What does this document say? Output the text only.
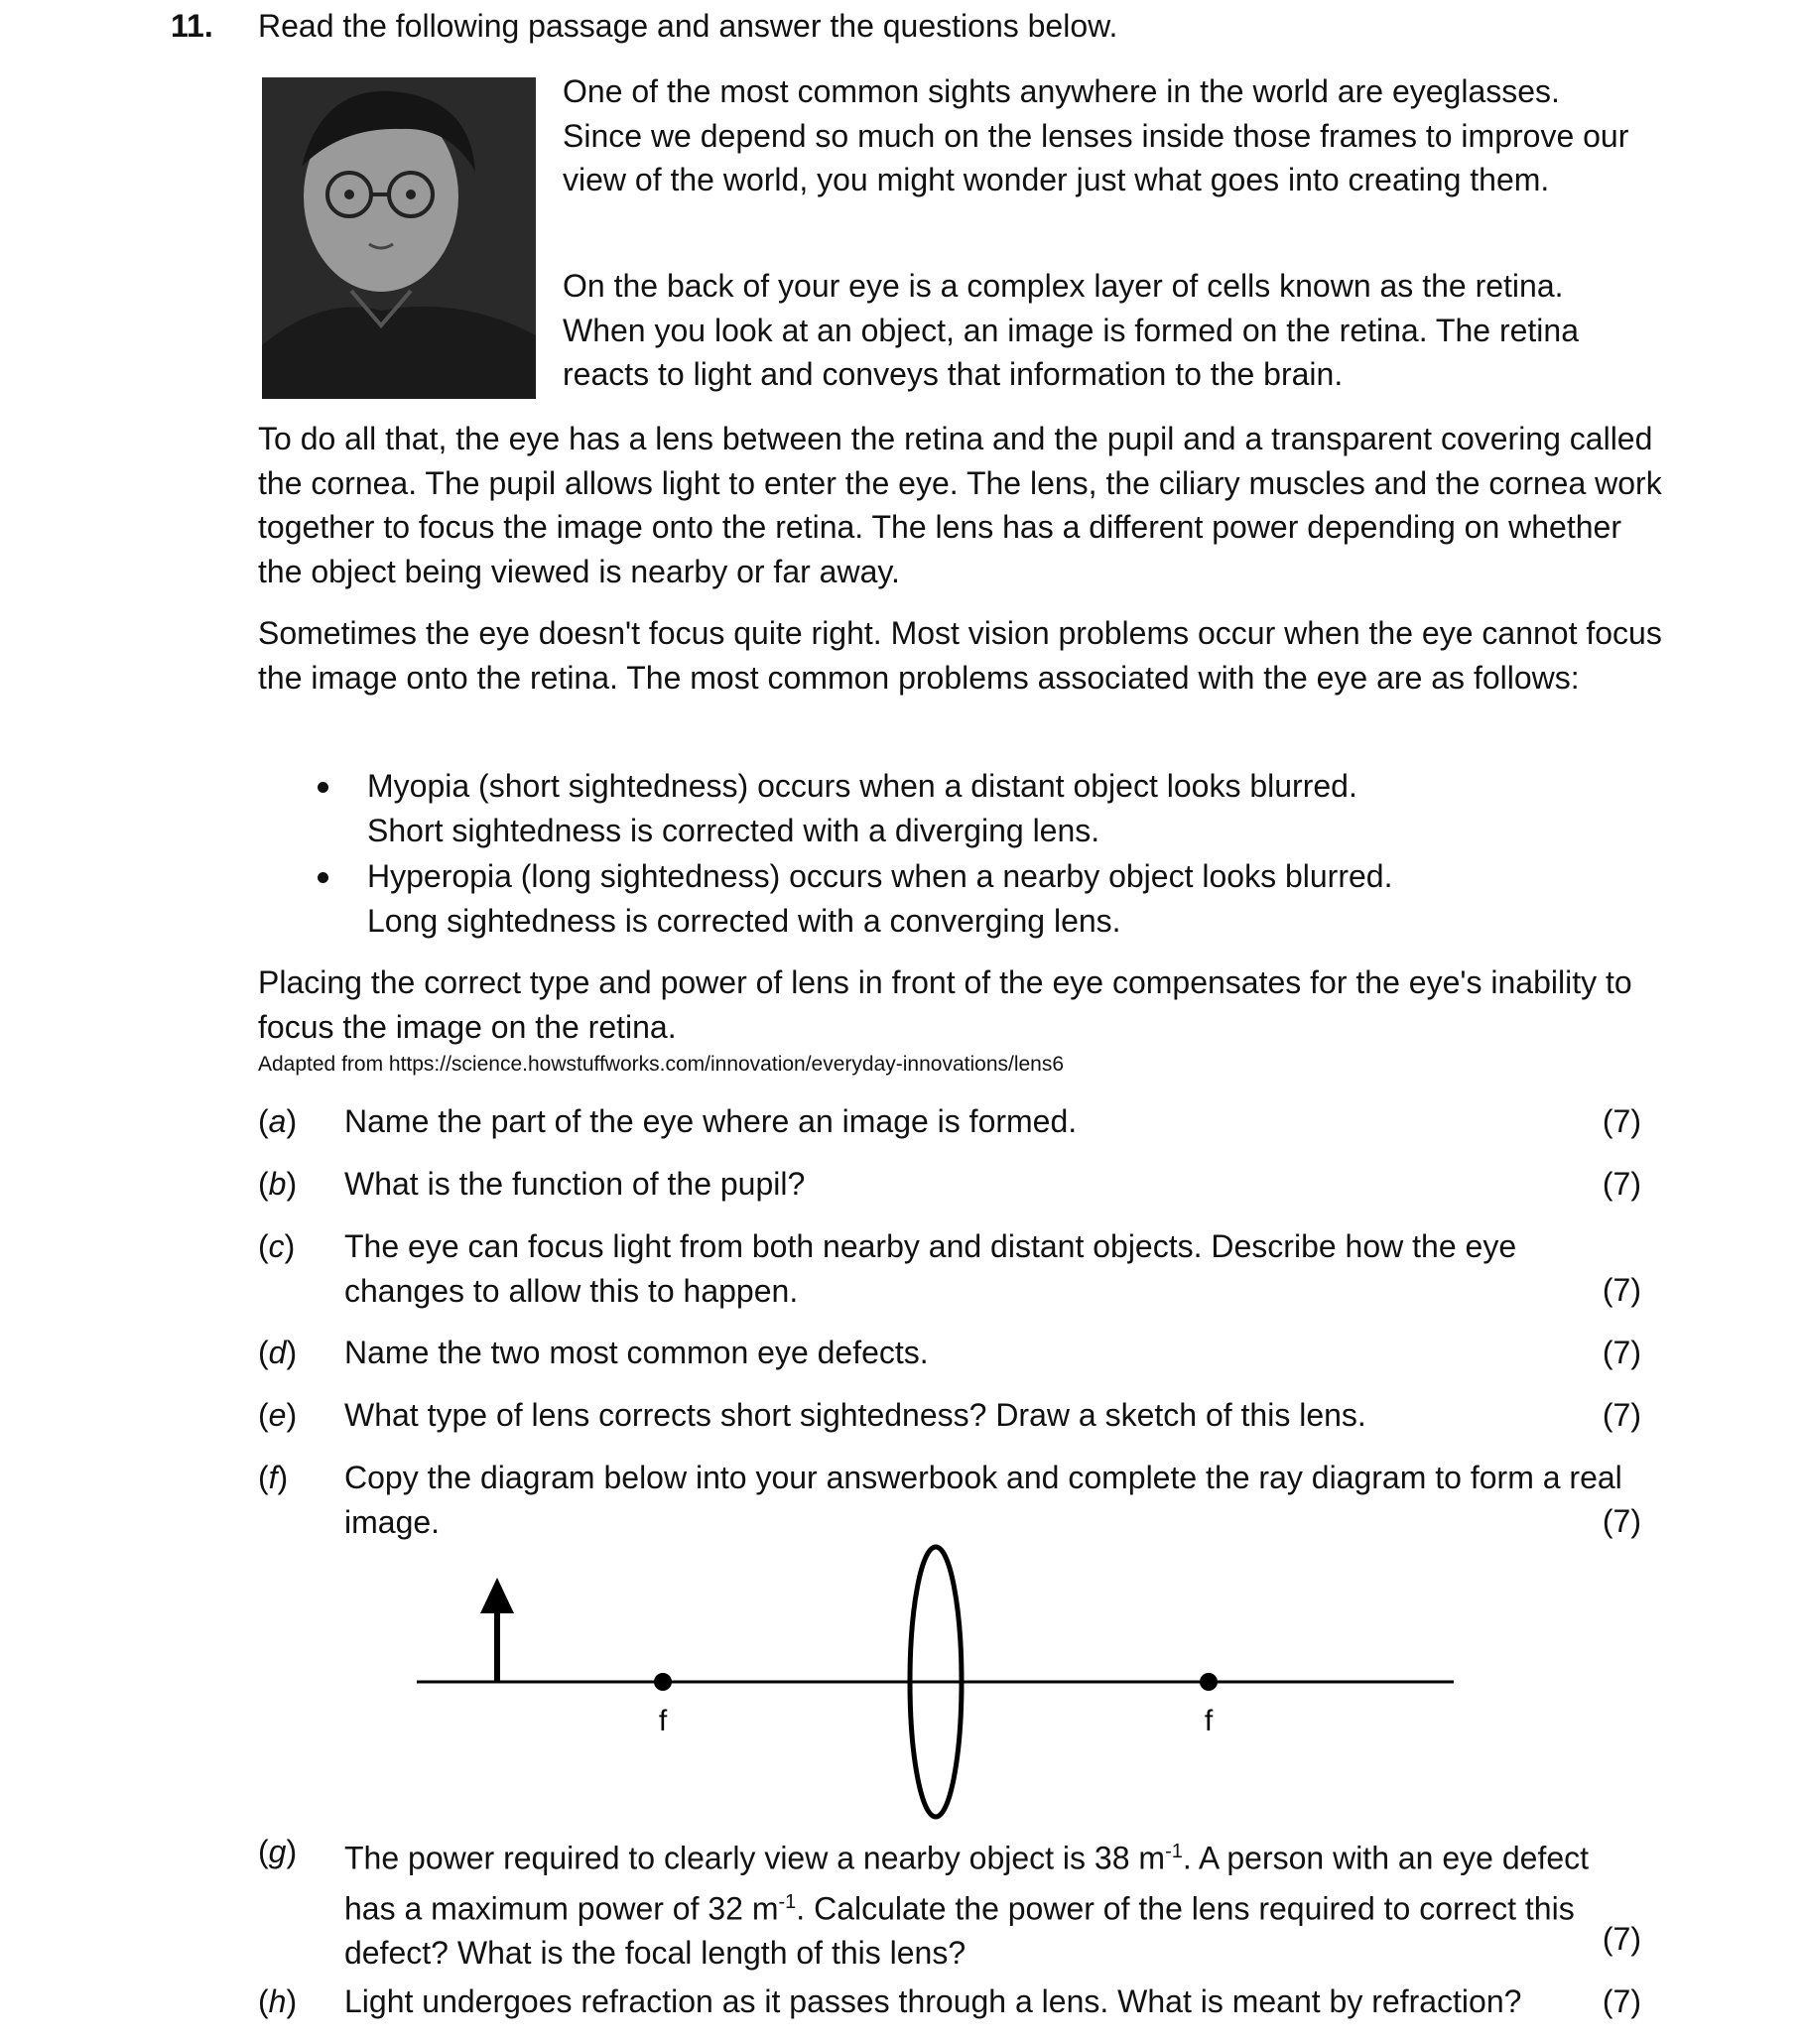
11. Read the following passage and answer the questions below.
One of the most common sights anywhere in the world are eyeglasses. Since we depend so much on the lenses inside those frames to improve our view of the world, you might wonder just what goes into creating them.
On the back of your eye is a complex layer of cells known as the retina. When you look at an object, an image is formed on the retina. The retina reacts to light and conveys that information to the brain.
To do all that, the eye has a lens between the retina and the pupil and a transparent covering called the cornea. The pupil allows light to enter the eye. The lens, the ciliary muscles and the cornea work together to focus the image onto the retina. The lens has a different power depending on whether the object being viewed is nearby or far away.
Sometimes the eye doesn't focus quite right. Most vision problems occur when the eye cannot focus the image onto the retina. The most common problems associated with the eye are as follows:
Myopia (short sightedness) occurs when a distant object looks blurred.
Short sightedness is corrected with a diverging lens.
Hyperopia (long sightedness) occurs when a nearby object looks blurred.
Long sightedness is corrected with a converging lens.
Placing the correct type and power of lens in front of the eye compensates for the eye's inability to focus the image on the retina.
Adapted from https://science.howstuffworks.com/innovation/everyday-innovations/lens6
(a) Name the part of the eye where an image is formed.	(7)
(b) What is the function of the pupil?	(7)
(c) The eye can focus light from both nearby and distant objects. Describe how the eye changes to allow this to happen.	(7)
(d) Name the two most common eye defects.	(7)
(e) What type of lens corrects short sightedness? Draw a sketch of this lens.	(7)
(f) Copy the diagram below into your answerbook and complete the ray diagram to form a real image.	(7)
f	f
(g) The power required to clearly view a nearby object is 38 $m^{-1}$. A person with an eye defect has a maximum power of 32 $m^{-1}$. Calculate the power of the lens required to correct this defect? What is the focal length of this lens?	(7)
(h) Light undergoes refraction as it passes through a lens. What is meant by refraction?	(7)
